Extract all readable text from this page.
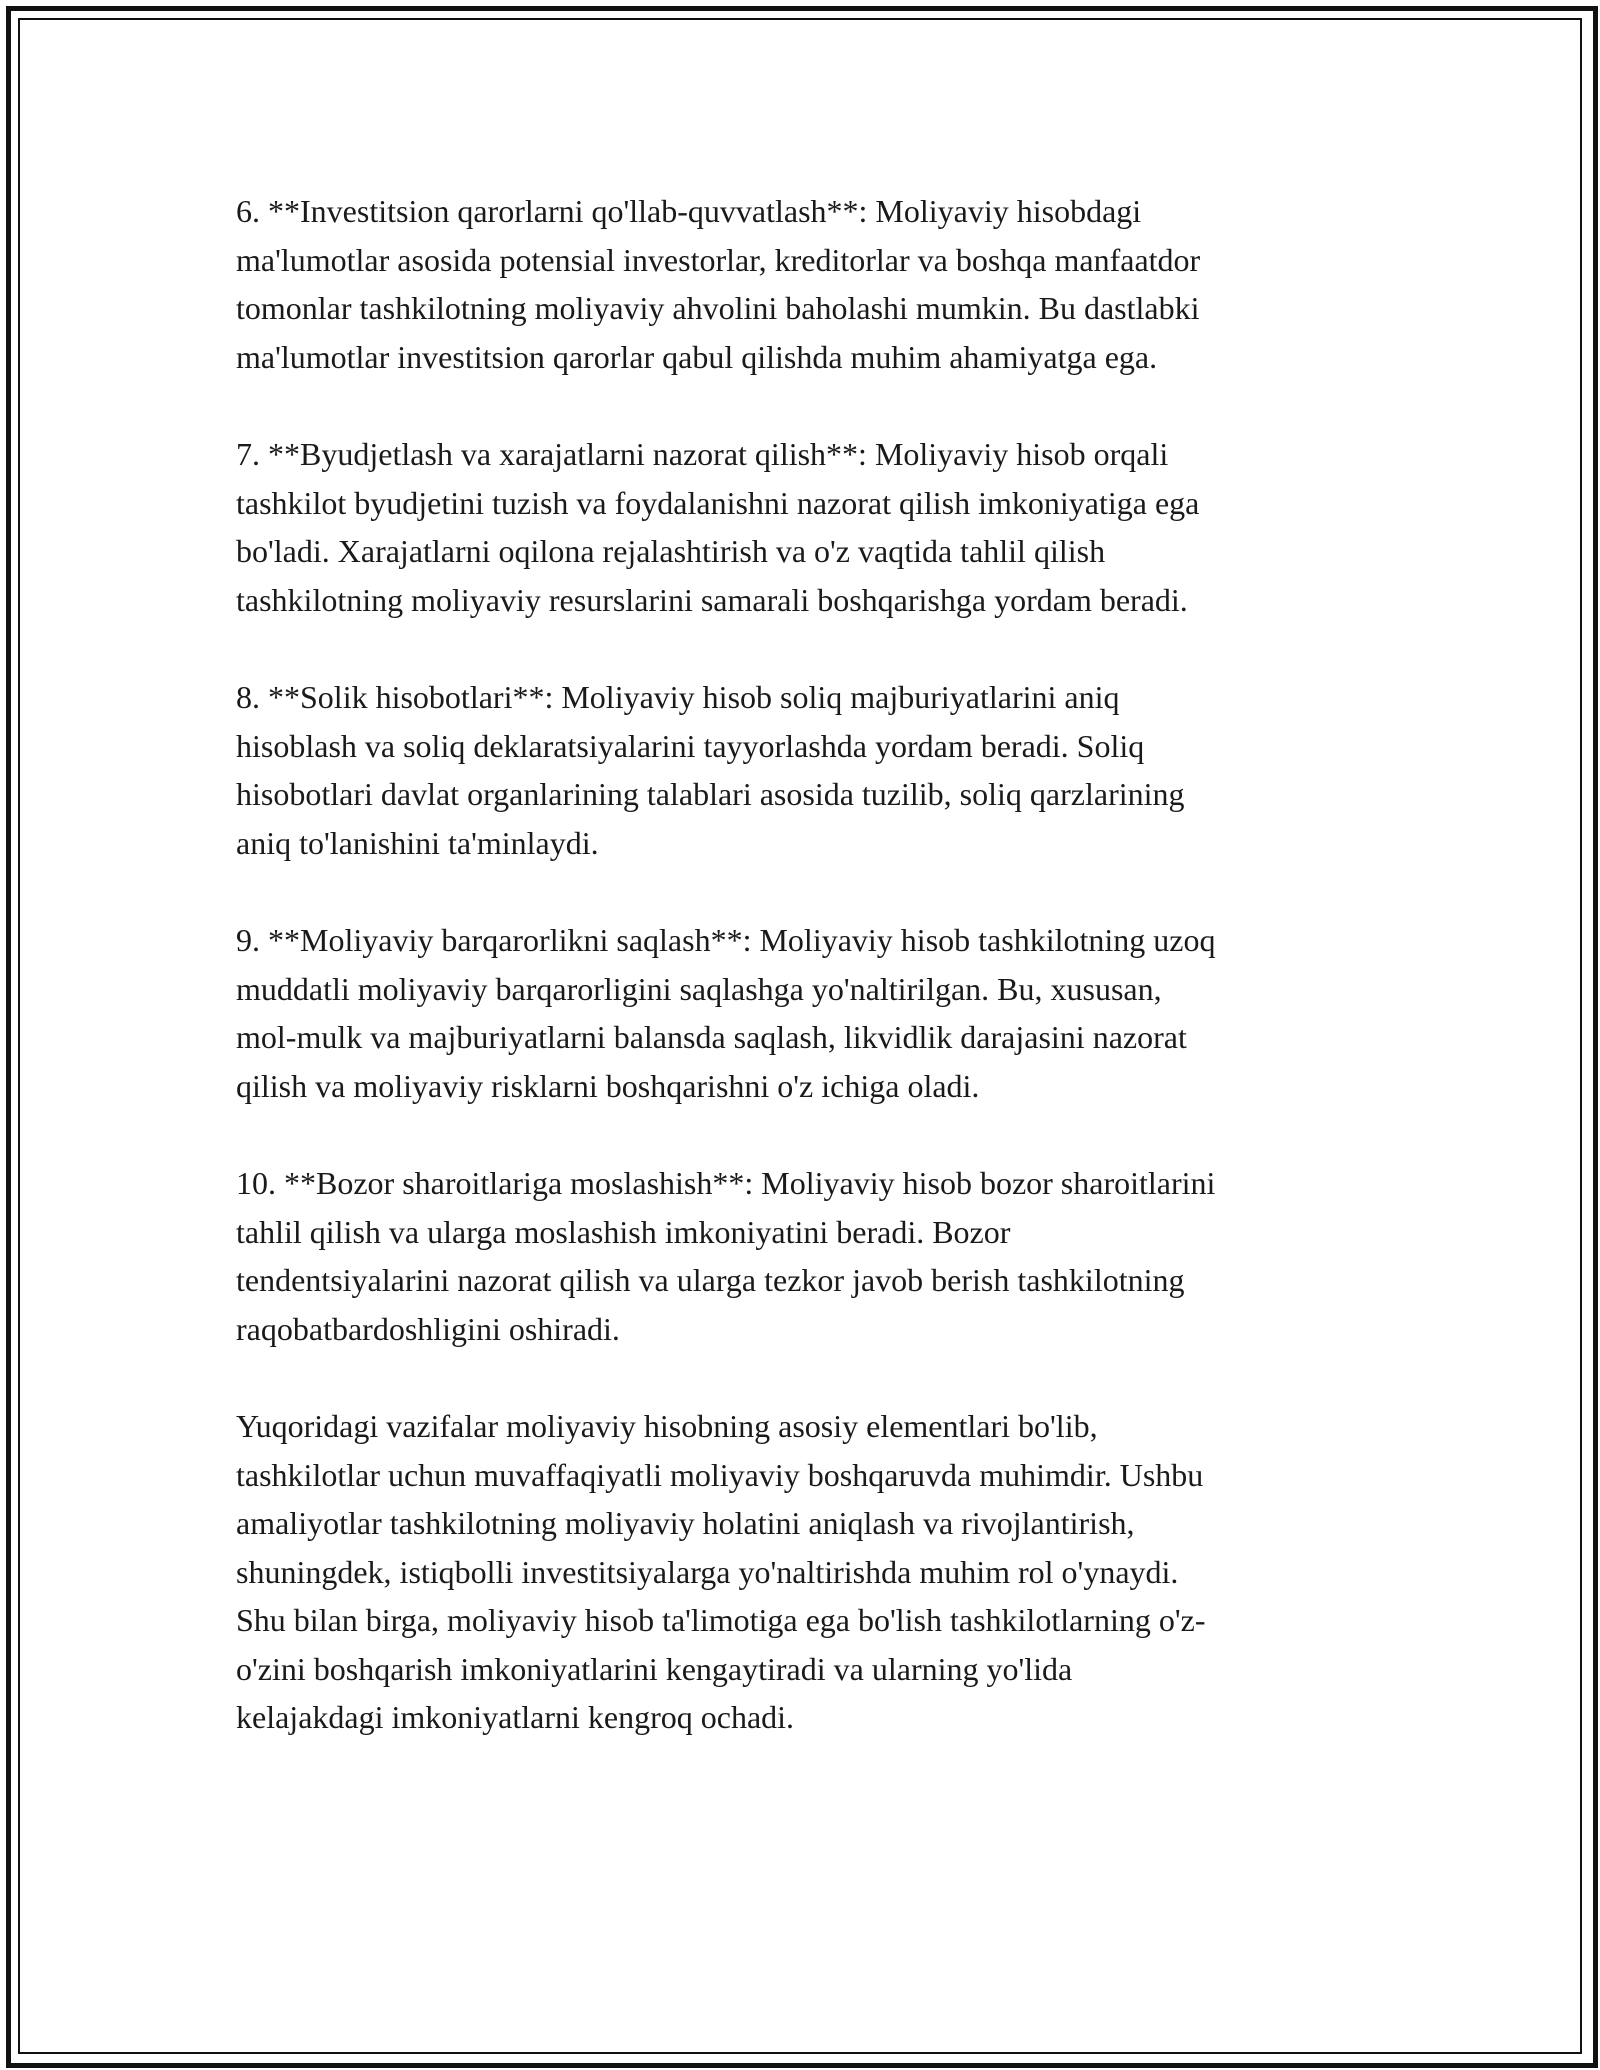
6. **Investitsion qarorlarni qo'llab-quvvatlash**: Moliyaviy hisobdagi
ma'lumotlar asosida potensial investorlar, kreditorlar va boshqa manfaatdor
tomonlar tashkilotning moliyaviy ahvolini baholashi mumkin. Bu dastlabki
ma'lumotlar investitsion qarorlar qabul qilishda muhim ahamiyatga ega.

7. **Byudjetlash va xarajatlarni nazorat qilish**: Moliyaviy hisob orqali
tashkilot byudjetini tuzish va foydalanishni nazorat qilish imkoniyatiga ega
bo'ladi. Xarajatlarni oqilona rejalashtirish va o'z vaqtida tahlil qilish
tashkilotning moliyaviy resurslarini samarali boshqarishga yordam beradi.

8. **Solik hisobotlari**: Moliyaviy hisob soliq majburiyatlarini aniq
hisoblash va soliq deklaratsiyalarini tayyorlashda yordam beradi. Soliq
hisobotlari davlat organlarining talablari asosida tuzilib, soliq qarzlarining
aniq to'lanishini ta'minlaydi.

9. **Moliyaviy barqarorlikni saqlash**: Moliyaviy hisob tashkilotning uzoq
muddatli moliyaviy barqarorligini saqlashga yo'naltirilgan. Bu, xususan,
mol-mulk va majburiyatlarni balansda saqlash, likvidlik darajasini nazorat
qilish va moliyaviy risklarni boshqarishni o'z ichiga oladi.

10. **Bozor sharoitlariga moslashish**: Moliyaviy hisob bozor sharoitlarini
tahlil qilish va ularga moslashish imkoniyatini beradi. Bozor
tendentsiyalarini nazorat qilish va ularga tezkor javob berish tashkilotning
raqobatbardoshligini oshiradi.

Yuqoridagi vazifalar moliyaviy hisobning asosiy elementlari bo'lib,
tashkilotlar uchun muvaffaqiyatli moliyaviy boshqaruvda muhimdir. Ushbu
amaliyotlar tashkilotning moliyaviy holatini aniqlash va rivojlantirish,
shuningdek, istiqbolli investitsiyalarga yo'naltirishda muhim rol o'ynaydi.
Shu bilan birga, moliyaviy hisob ta'limotiga ega bo'lish tashkilotlarning o'z-
o'zini boshqarish imkoniyatlarini kengaytiradi va ularning yo'lida
kelajakdagi imkoniyatlarni kengroq ochadi.
